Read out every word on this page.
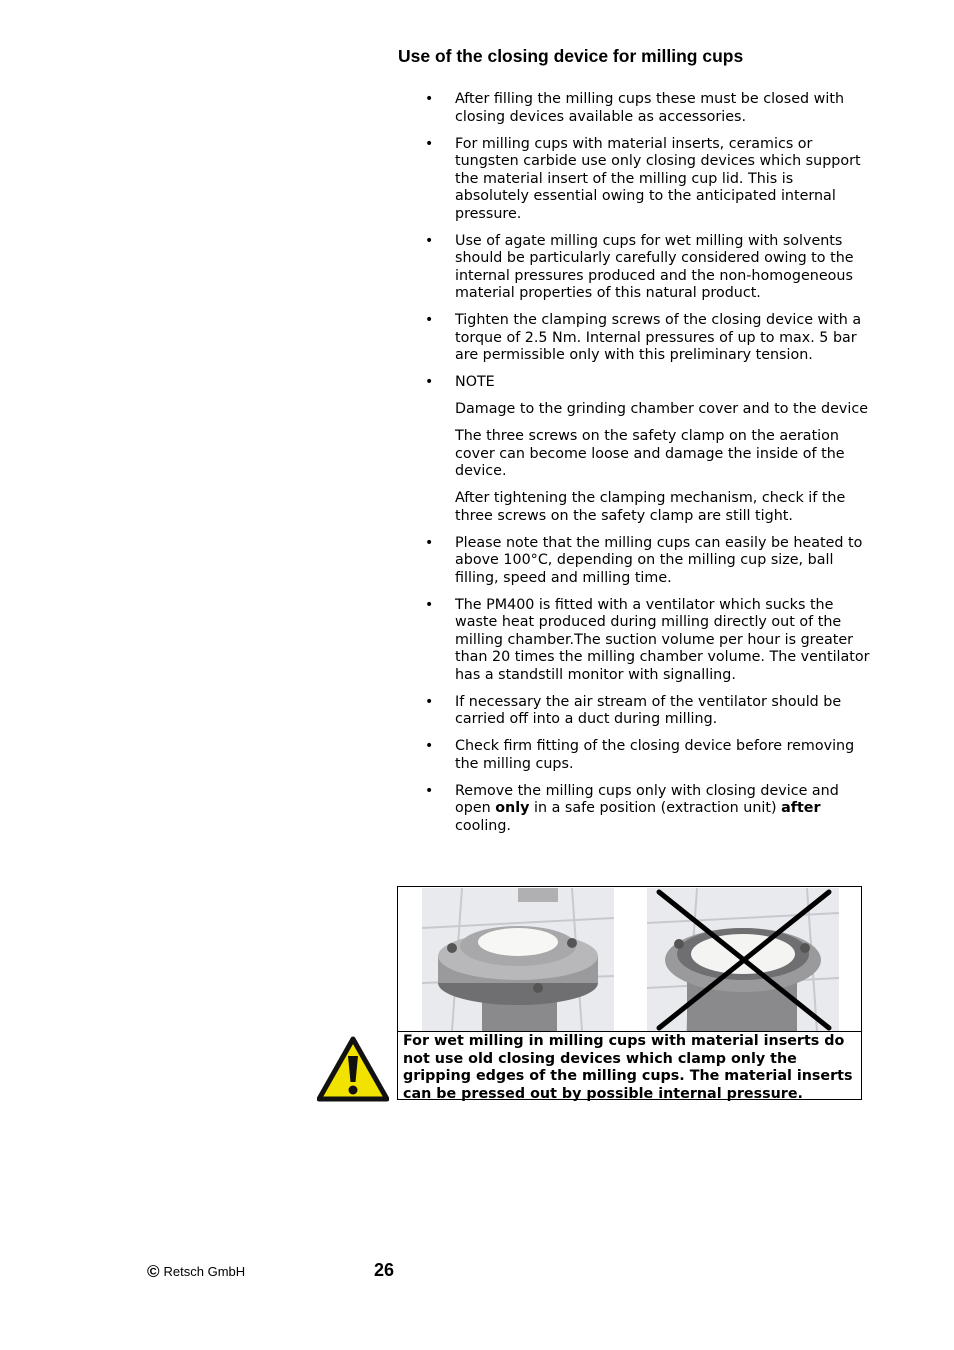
Use of the closing device for milling cups
• After filling the milling cups these must be closed with closing devices available as accessories.
• For milling cups with material inserts, ceramics or tungsten carbide use only closing devices which support the material insert of the milling cup lid. This is absolutely essential owing to the anticipated internal pressure.
• Use of agate milling cups for wet milling with solvents should be particularly carefully considered owing to the internal pressures produced and the non-homogeneous material properties of this natural product.
• Tighten the clamping screws of the closing device with a torque of 2.5 Nm. Internal pressures of up to max. 5 bar are permissible only with this preliminary tension.
• NOTE

Damage to the grinding chamber cover and to the device

The three screws on the safety clamp on the aeration cover can become loose and damage the inside of the device.

After tightening the clamping mechanism, check if the three screws on the safety clamp are still tight.

• Please note that the milling cups can easily be heated to above 100°C, depending on the milling cup size, ball filling, speed and milling time.
• The PM400 is fitted with a ventilator which sucks the waste heat produced during milling directly out of the milling chamber.The suction volume per hour is greater than 20 times the milling chamber volume. The ventilator has a standstill monitor with signalling.
• If necessary the air stream of the ventilator should be carried off into a duct during milling.
• Check firm fitting of the closing device before removing the milling cups.
• Remove the milling cups only with closing device and open only in a safe position (extraction unit) after cooling.
For wet milling in milling cups with material inserts do not use old closing devices which clamp only the gripping edges of the milling cups. The material inserts can be pressed out by possible internal pressure.
© Retsch GmbH	26
